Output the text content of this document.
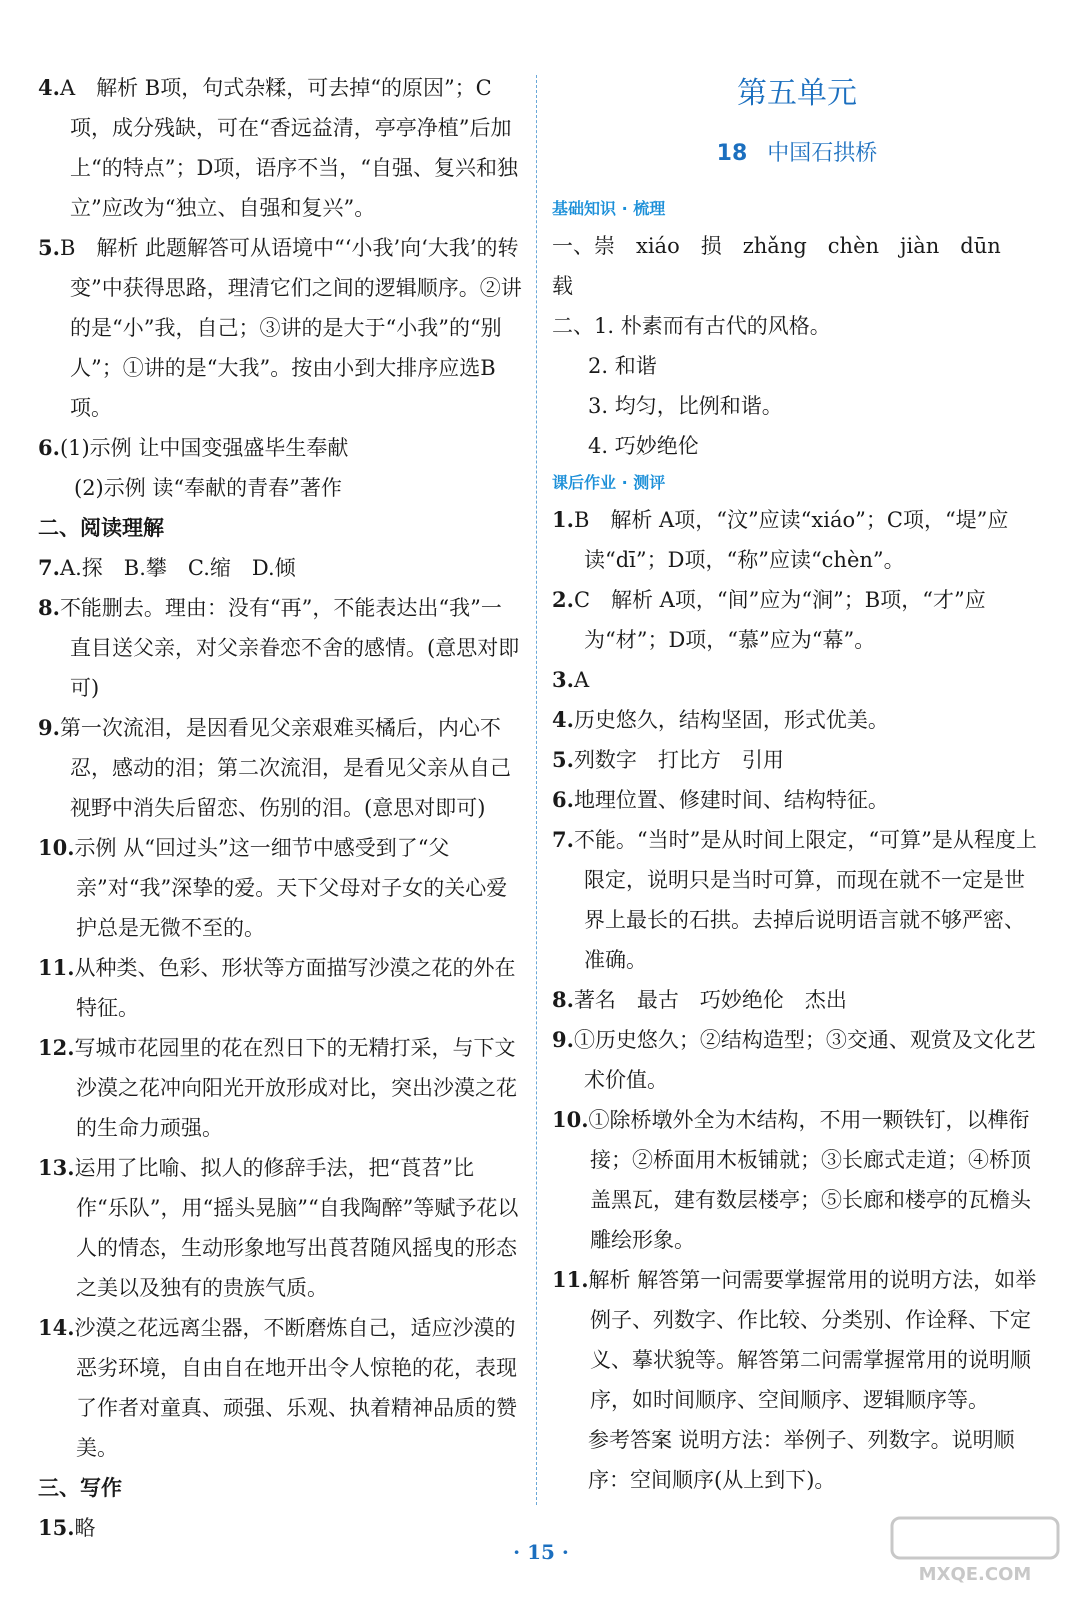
4.A　解析 B项，句式杂糅，可去掉“的原因”；C项，成分残缺，可在“香远益清，亭亭净植”后加上“的特点”；D项，语序不当，“自强、复兴和独立”应改为“独立、自强和复兴”。
5.B　解析 此题解答可从语境中“‘小我’向‘大我’的转变”中获得思路，理清它们之间的逻辑顺序。②讲的是“小”我，自己；③讲的是大于“小我”的“别人”；①讲的是“大我”。按由小到大排序应选B项。
6.(1)示例 让中国变强盛毕生奉献
(2)示例 读“奉献的青春”著作
二、阅读理解
7.A.探　B.攀　C.缩　D.倾
8.不能删去。理由：没有“再”，不能表达出“我”一直目送父亲，对父亲眷恋不舍的感情。(意思对即可)
9.第一次流泪，是因看见父亲艰难买橘后，内心不忍，感动的泪；第二次流泪，是看见父亲从自己视野中消失后留恋、伤别的泪。(意思对即可)
10.示例 从“回过头”这一细节中感受到了“父亲”对“我”深挚的爱。天下父母对子女的关心爱护总是无微不至的。
11.从种类、色彩、形状等方面描写沙漠之花的外在特征。
12.写城市花园里的花在烈日下的无精打采，与下文沙漠之花冲向阳光开放形成对比，突出沙漠之花的生命力顽强。
13.运用了比喻、拟人的修辞手法，把“莨苕”比作“乐队”，用“摇头晃脑”“自我陶醉”等赋予花以人的情态，生动形象地写出莨苕随风摇曳的形态之美以及独有的贵族气质。
14.沙漠之花远离尘器，不断磨炼自己，适应沙漠的恶劣环境，自由自在地开出令人惊艳的花，表现了作者对童真、顽强、乐观、执着精神品质的赞美。
三、写作
15.略
第五单元
18 中国石拱桥
基础知识 · 梳理
一、崇　xiáo　损　zhǎng　chèn　jiàn　dūn　载
二、1. 朴素而有古代的风格。
2. 和谐
3. 均匀，比例和谐。
4. 巧妙绝伦
课后作业 · 测评
1.B　解析 A项，“汶”应读“xiáo”；C项，“堤”应读“dī”；D项，“称”应读“chèn”。
2.C　解析 A项，“间”应为“涧”；B项，“才”应为“材”；D项，“慕”应为“幕”。
3.A
4.历史悠久，结构坚固，形式优美。
5.列数字　打比方　引用
6.地理位置、修建时间、结构特征。
7.不能。“当时”是从时间上限定，“可算”是从程度上限定，说明只是当时可算，而现在就不一定是世界上最长的石拱。去掉后说明语言就不够严密、准确。
8.著名　最古　巧妙绝伦　杰出
9.①历史悠久；②结构造型；③交通、观赏及文化艺术价值。
10.①除桥墩外全为木结构，不用一颗铁钉，以榫衔接；②桥面用木板铺就；③长廊式走道；④桥顶盖黑瓦，建有数层楼亭；⑤长廊和楼亭的瓦檐头雕绘形象。
11.解析 解答第一问需要掌握常用的说明方法，如举例子、列数字、作比较、分类别、作诠释、下定义、摹状貌等。解答第二问需掌握常用的说明顺序，如时间顺序、空间顺序、逻辑顺序等。
参考答案 说明方法：举例子、列数字。说明顺序：空间顺序(从上到下)。
· 15 ·
MXQE.COM
